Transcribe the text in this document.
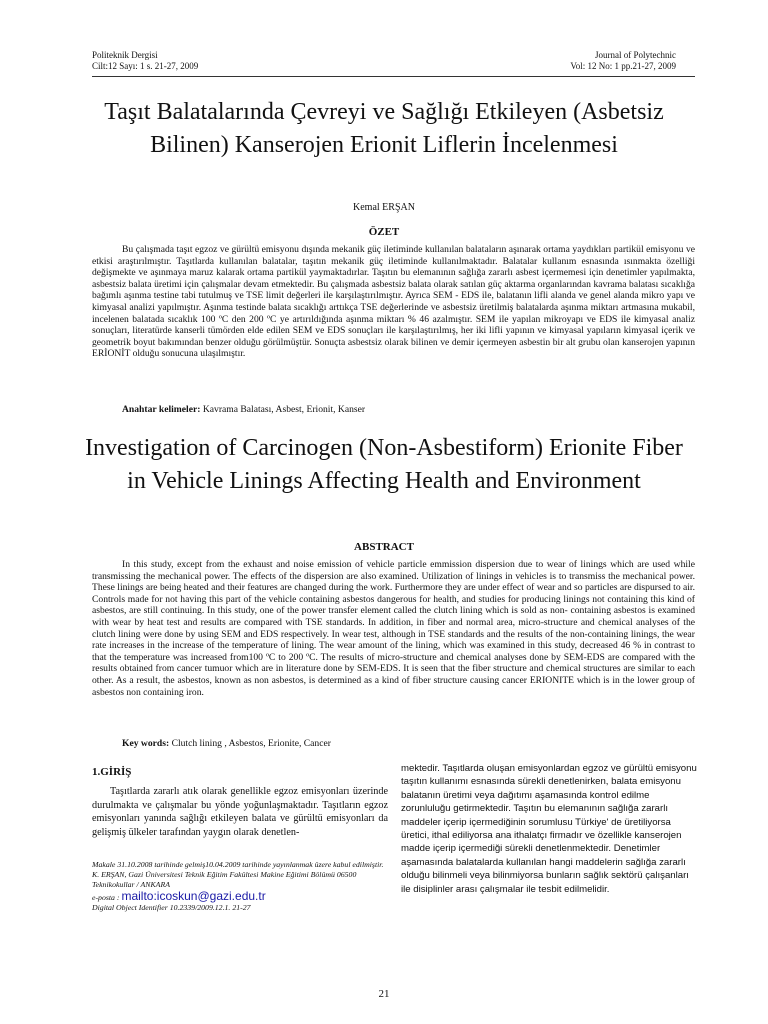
Politeknik Dergisi
Cilt:12 Sayı: 1 s. 21-27, 2009
Journal of Polytechnic
Vol: 12 No: 1 pp.21-27, 2009
Taşıt Balatalarında Çevreyi ve Sağlığı Etkileyen (Asbetsiz Bilinen) Kanserojen Erionit Liflerin İncelenmesi
Kemal ERŞAN
ÖZET

Bu çalışmada taşıt egzoz ve gürültü emisyonu dışında mekanik güç iletiminde kullanılan balataların aşınarak ortama yaydıkları partikül emisyonu ve etkisi araştırılmıştır. Taşıtlarda kullanılan balatalar, taşıtın mekanik güç iletiminde kullanılmaktadır. Balatalar kullanım esnasında ısınmakta özelliği değişmekte ve aşınmaya maruz kalarak ortama partikül yaymaktadırlar. Taşıtın bu elemanının sağlığa zararlı asbest içermemesi için denetimler yapılmakta, asbestsiz balata üretimi için çalışmalar devam etmektedir. Bu çalışmada asbestsiz balata olarak satılan güç aktarma organlarından kavrama balatası sıcaklığa bağımlı aşınma testine tabi tutulmuş ve TSE limit değerleri ile karşılaştırılmıştır. Ayrıca SEM - EDS ile, balatanın lifli alanda ve genel alanda mikro yapı ve kimyasal analizi yapılmıştır. Aşınma testinde balata sıcaklığı arttıkça TSE değerlerinde ve asbestsiz üretilmiş balatalarda aşınma miktarı artmasına mukabil, incelenen balatada sıcaklık 100 ºC den 200 ºC ye artırıldığında aşınma miktarı % 46 azalmıştır. SEM ile yapılan mikroyapı ve EDS ile kimyasal analiz sonuçları, literatürde kanserli tümörden elde edilen SEM ve EDS sonuçları ile karşılaştırılmış, her iki lifli yapının ve kimyasal yapıların kimyasal içerik ve geometrik boyut bakımından benzer olduğu görülmüştür. Sonuçta asbestsiz olarak bilinen ve demir içermeyen asbestin bir alt grubu olan kanserojen yapının ERİONİT olduğu sonucuna ulaşılmıştır.

Anahtar kelimeler: Kavrama Balatası, Asbest, Erionit, Kanser
Investigation of Carcinogen (Non-Asbestiform) Erionite Fiber in Vehicle Linings Affecting Health and Environment
ABSTRACT

In this study, except from the exhaust and noise emission of vehicle particle emmission dispersion due to wear of linings which are used while transmissing the mechanical power. The effects of the dispersion are also examined. Utilization of linings in vehicles is to transmiss the mechanical power. These linings are being heated and their features are changed during the work. Furthermore they are under effect of wear and so particles are dispursed to air. Controls made for not having this part of the vehicle containing asbestos dangerous for health, and studies for producing linings not containing this kind of asbestos, are still continuing. In this study, one of the power transfer element called the clutch lining which is sold as non- containing asbestos is examined with wear by heat test and results are compared with TSE standards. In addition, in fiber and normal area, micro-structure and chemical analyses of the clutch lining were done by using SEM and EDS respectively. In wear test, although in TSE standards and the results of the non-containing linings, the wear rate increases in the increase of the temperature of lining. The wear amount of the lining, which was examined in this study, decreased 46 % in contrast to that the temperature was increased from100 ºC to 200 ºC. The results of micro-structure and chemical analyses done by SEM-EDS are compared with the results obtained from cancer tumuor which are in literature done by SEM-EDS. It is seen that the fiber structure and chemical structures are similar to each other. As a result, the asbestos, known as non asbestos, is determined as a kind of fiber structure causing cancer ERIONITE which is in the lower group of asbestos non containing iron.

Key words: Clutch lining , Asbestos, Erionite, Cancer
1.GİRİŞ

Taşıtlarda zararlı atık olarak genellikle egzoz emisyonları üzerinde durulmakta ve çalışmalar bu yönde yoğunlaşmaktadır. Taşıtların egzoz emisyonları yanında sağlığı etkileyen balata ve gürültü emisyonları da gelişmiş ülkeler tarafından yaygın olarak denetlen-

mektedir. Taşıtlarda oluşan emisyonlardan egzoz ve gürültü emisyonu taşıtın kullanımı esnasında sürekli denetlenirken, balata emisyonu balatanın üretimi veya dağıtımı aşamasında kontrol edilme zorunluluğu getirmektedir. Taşıtın bu elemanının sağlığa zararlı maddeler içerip içermediğinin sorumlusu Türkiye' de üretiliyorsa üretici, ithal ediliyorsa ana ithalatçı firmadır ve özellikle kanserojen madde içerip içermediği sürekli denetlenmektedir. Denetimler aşamasında balatalarda kullanılan hangi maddelerin sağlığa zararlı olduğu bilinmeli veya bilinmiyorsa bunların sağlık sektörü çalışanları ile disiplinler arası çalışmalar ile tesbit edilmelidir.

Makale 31.10.2008 tarihinde gelmiş10.04.2009 tarihinde yayınlanmak üzere kabul edilmiştir.
K. ERŞAN, Gazi Üniversitesi Teknik Eğitim Fakültesi Makine Eğitimi Bölümü 06500 Teknikokullar / ANKARA
e-posta : mailto:icoskun@gazi.edu.tr
Digital Object Identifier 10.2339/2009.12.1. 21-27
21
